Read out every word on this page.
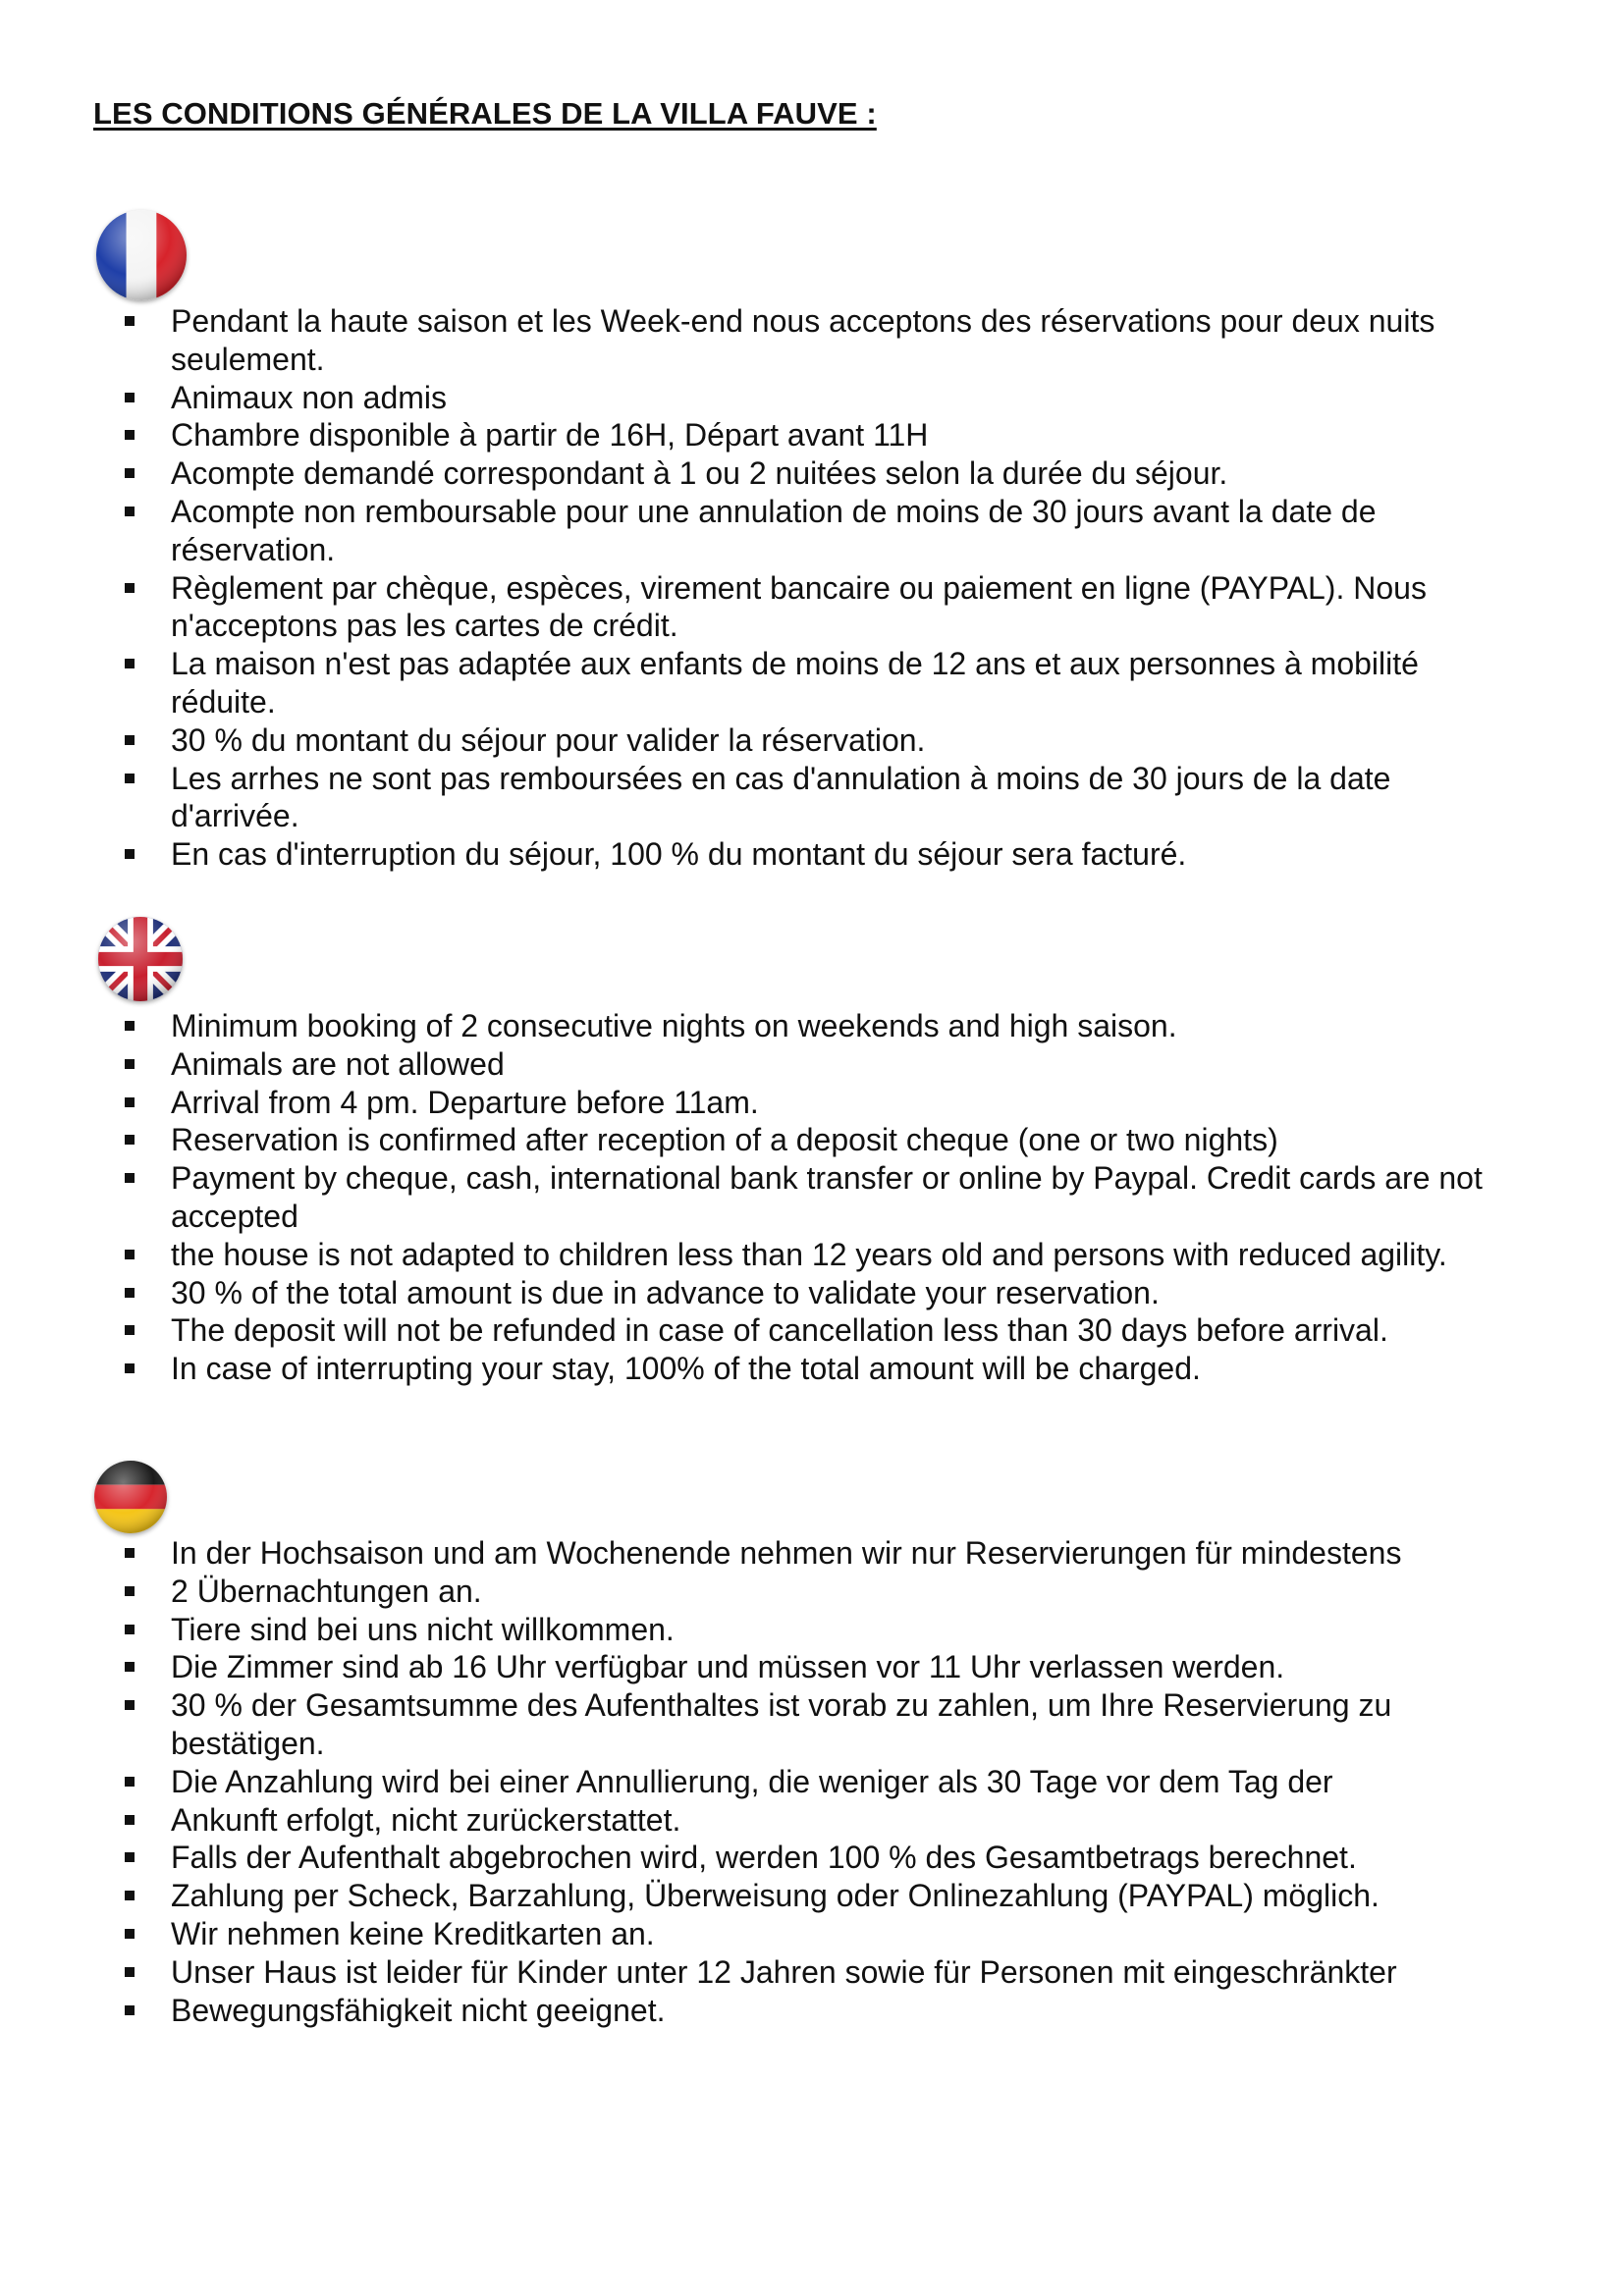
LES CONDITIONS GÉNÉRALES DE LA VILLA FAUVE :
Pendant la haute saison et les Week-end nous acceptons des réservations pour deux nuits seulement.
Animaux non admis
Chambre disponible à partir de 16H, Départ avant 11H
Acompte demandé correspondant à 1 ou 2 nuitées selon la durée du séjour.
Acompte non remboursable pour une annulation de moins de 30 jours avant la date de réservation.
Règlement par chèque, espèces, virement bancaire ou paiement en ligne (PAYPAL). Nous n'acceptons pas les cartes de crédit.
La maison n'est pas adaptée aux enfants de moins de 12 ans et aux personnes à mobilité réduite.
30 % du montant du séjour pour valider la réservation.
Les arrhes ne sont pas remboursées en cas d'annulation à moins de 30 jours de la date d'arrivée.
En cas d'interruption du séjour, 100 % du montant du séjour sera facturé.
Minimum booking of 2 consecutive nights on weekends and high saison.
Animals are not allowed
Arrival from 4 pm. Departure before 11am.
Reservation is confirmed after reception of a deposit cheque (one or two nights)
Payment by cheque, cash, international bank transfer or online by Paypal. Credit cards are not accepted
the house is not adapted to children less than 12 years old and persons with reduced agility.
30 % of the total amount is due in advance to validate your reservation.
The deposit will not be refunded in case of cancellation less than 30 days before arrival.
In case of interrupting your stay, 100% of the total amount will be charged.
In der Hochsaison und am Wochenende nehmen wir nur Reservierungen für mindestens
2 Übernachtungen an.
Tiere sind bei uns nicht willkommen.
Die Zimmer sind ab 16 Uhr verfügbar und müssen vor 11 Uhr verlassen werden.
30 % der Gesamtsumme des Aufenthaltes ist vorab zu zahlen, um Ihre Reservierung zu bestätigen.
Die Anzahlung wird bei einer Annullierung, die weniger als 30 Tage vor dem Tag der
Ankunft erfolgt, nicht zurückerstattet.
Falls der Aufenthalt abgebrochen wird, werden 100 % des Gesamtbetrags berechnet.
Zahlung per Scheck, Barzahlung, Überweisung oder Onlinezahlung (PAYPAL) möglich.
Wir nehmen keine Kreditkarten an.
Unser Haus ist leider für Kinder unter 12 Jahren sowie für Personen mit eingeschränkter
Bewegungsfähigkeit nicht geeignet.
